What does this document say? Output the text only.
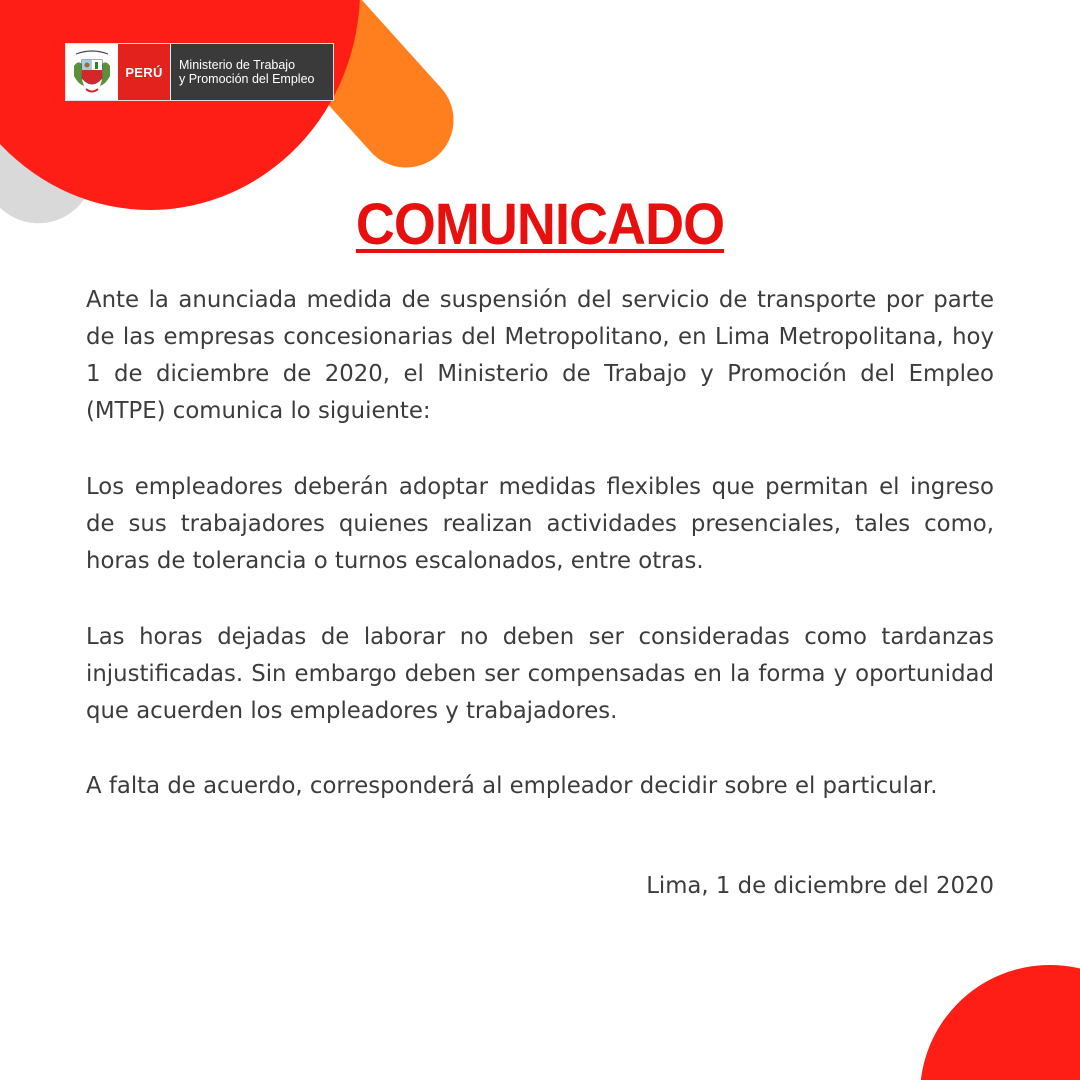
PERÚ	Ministerio de Trabajo
y Promoción del Empleo
COMUNICADO

Ante la anunciada medida de suspensión del servicio de transporte por parte de las empresas concesionarias del Metropolitano, en Lima Metropolitana, hoy 1 de diciembre de 2020, el Ministerio de Trabajo y Promoción del Empleo (MTPE) comunica lo siguiente:

Los empleadores deberán adoptar medidas flexibles que permitan el ingreso de sus trabajadores quienes realizan actividades presenciales, tales como, horas de tolerancia o turnos escalonados, entre otras.

Las horas dejadas de laborar no deben ser consideradas como tardanzas injustificadas. Sin embargo deben ser compensadas en la forma y oportunidad que acuerden los empleadores y trabajadores.

A falta de acuerdo, corresponderá al empleador decidir sobre el particular.

Lima, 1 de diciembre del 2020
